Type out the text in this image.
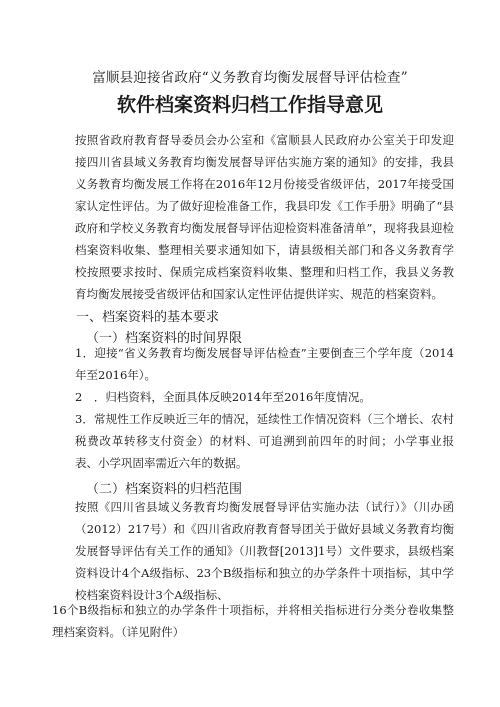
富顺县迎接省政府“义务教育均衡发展督导评估检查”
软件档案资料归档工作指导意见
按照省政府教育督导委员会办公室和《富顺县人民政府办公室关于印发迎接四川省县域义务教育均衡发展督导评估实施方案的通知》的安排，我县义务教育均衡发展工作将在2016年12月份接受省级评估，2017年接受国家认定性评估。为了做好迎检准备工作，我县印发《工作手册》明确了“县政府和学校义务教育均衡发展督导评估迎检资料准备清单”，现将我县迎检档案资料收集、整理相关要求通知如下，请县级相关部门和各义务教育学校按照要求按时、保质完成档案资料收集、整理和归档工作，我县义务教育均衡发展接受省级评估和国家认定性评估提供详实、规范的档案资料。
一、档案资料的基本要求
（一）档案资料的时间界限
1．迎接“省义务教育均衡发展督导评估检查”主要倒查三个学年度（2014年至2016年）。
2　．归档资料，全面具体反映2014年至2016年度情况。
3．常规性工作反映近三年的情况，延续性工作情况资料（三个增长、农村税费改革转移支付资金）的材料、可追溯到前四年的时间；小学事业报表、小学巩固率需近六年的数据。
（二）档案资料的归档范围
按照《四川省县域义务教育均衡发展督导评估实施办法（试行）》（川办函（2012）217号）和《四川省政府教育督导团关于做好县域义务教育均衡发展督导评估有关工作的通知》（川教督[2013]1号）文件要求，县级档案资料设计4个A级指标、23个B级指标和独立的办学条件十项指标，其中学校档案资料设计3个A级指标、
16个B级指标和独立的办学条件十项指标，并将相关指标进行分类分卷收集整理档案资料。（详见附件）
